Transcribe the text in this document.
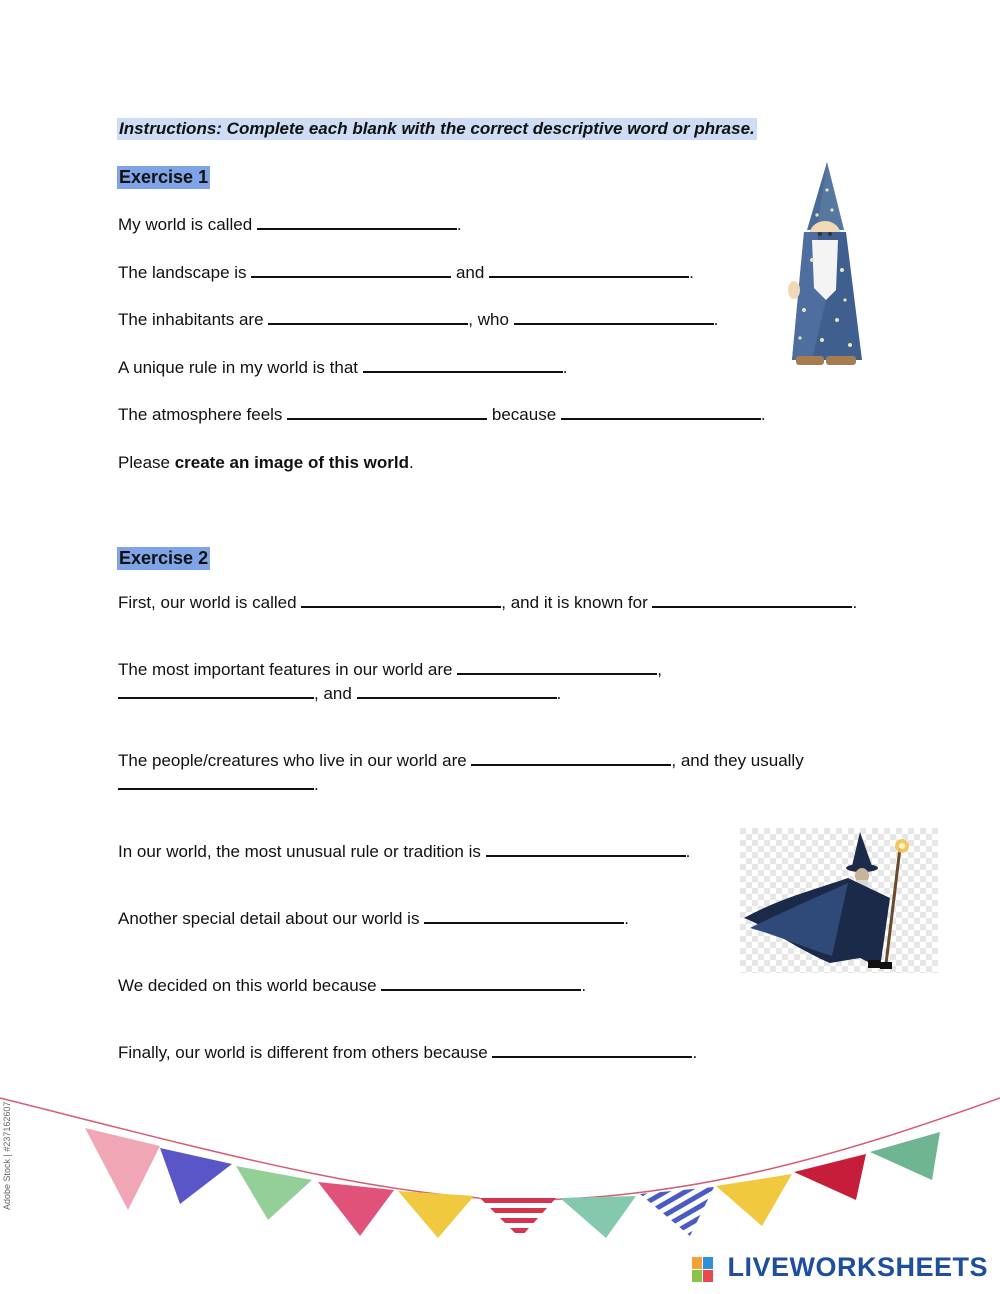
Instructions: Complete each blank with the correct descriptive word or phrase.
Exercise 1
My world is called	.
The landscape is	and	.
The inhabitants are	, who	.
A unique rule in my world is that	.
The atmosphere feels	because	.
Please create an image of this world.
Exercise 2
First, our world is called	, and it is known for	.
The most important features in our world are	,
, and	.
The people/creatures who live in our world are	, and they usually
.
In our world, the most unusual rule or tradition is	.
Another special detail about our world is	.
We decided on this world because	.
Finally, our world is different from others because	.
Adobe Stock | #237162607
LIVEWORKSHEETS
